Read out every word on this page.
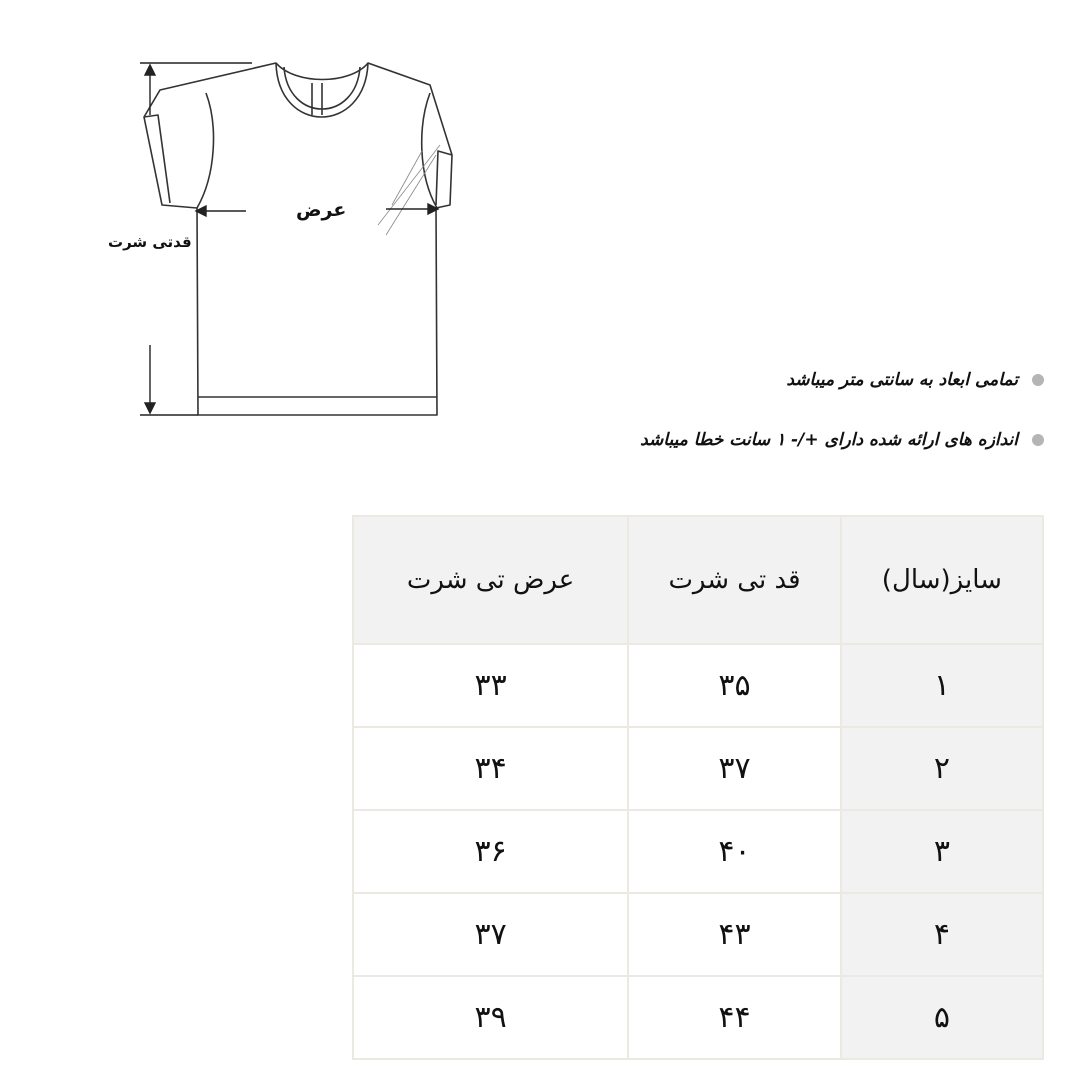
عرض
قدتی شرت
تمامی ابعاد به سانتی متر میباشد
اندازه های ارائه شده دارای +/- ۱ سانت خطا میباشد
سایز(سال)	قد تی شرت	عرض تی شرت
۱	۳۵	۳۳
۲	۳۷	۳۴
۳	۴۰	۳۶
۴	۴۳	۳۷
۵	۴۴	۳۹
